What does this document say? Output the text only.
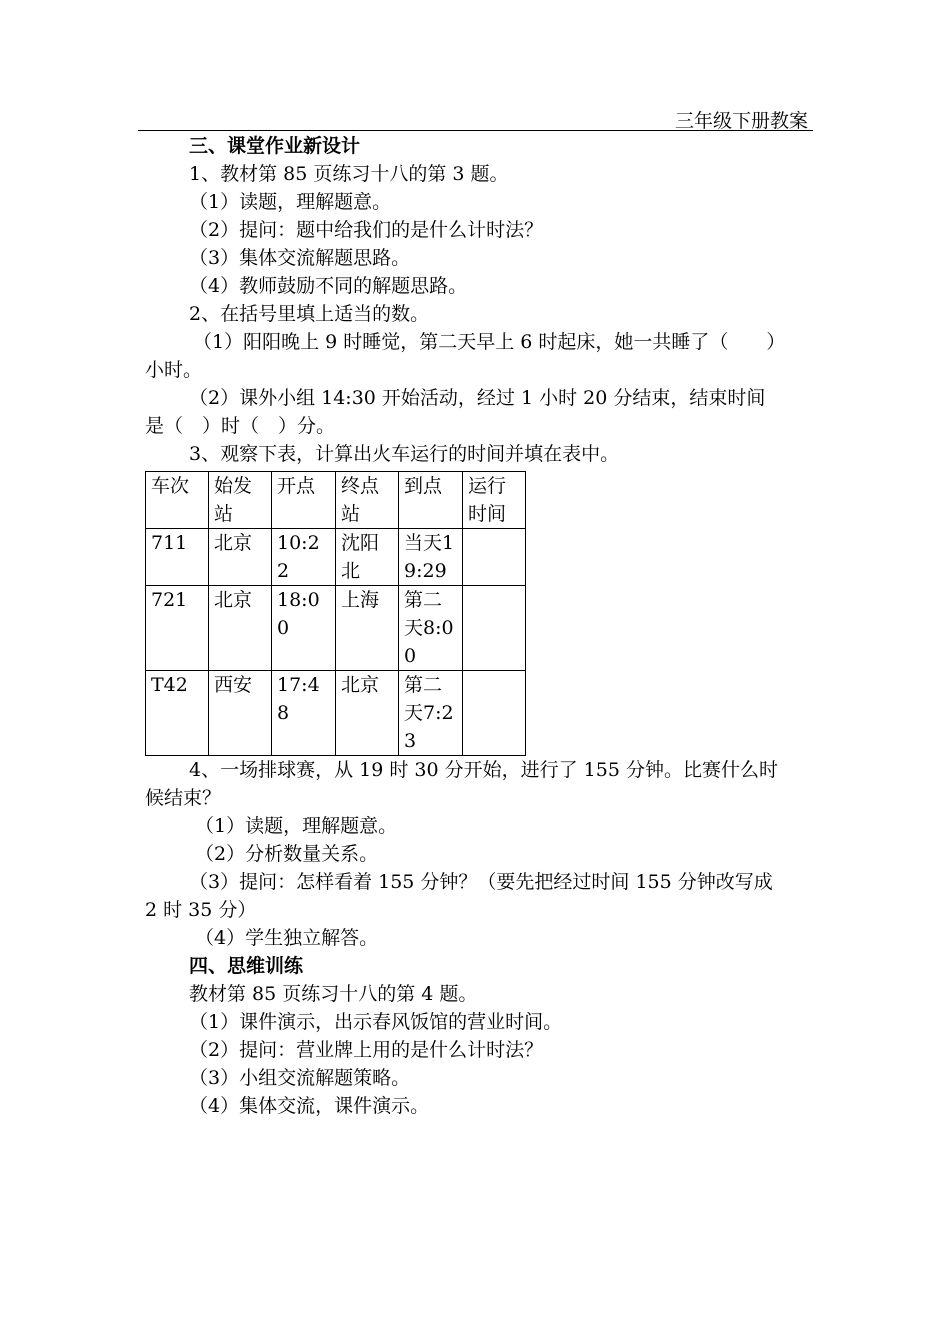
三年级下册教案
三、课堂作业新设计
1、教材第 85 页练习十八的第 3 题。
（1）读题，理解题意。
（2）提问：题中给我们的是什么计时法？
（3）集体交流解题思路。
（4）教师鼓励不同的解题思路。
2、在括号里填上适当的数。
（1）阳阳晚上 9 时睡觉，第二天早上 6 时起床，她一共睡了（　　）
小时。
（2）课外小组 14:30 开始活动，经过 1 小时 20 分结束，结束时间
是（　）时（　）分。
3、观察下表，计算出火车运行的时间并填在表中。
车次	始发站	开点	终点站	到点	运行时间
711	北京	10:22	沈阳北	当天19:29	
721	北京	18:00	上海	第二天8:00	
T42	西安	17:48	北京	第二天7:23	
4、一场排球赛，从 19 时 30 分开始，进行了 155 分钟。比赛什么时
候结束？
（1）读题，理解题意。
（2）分析数量关系。
（3）提问：怎样看着 155 分钟？（要先把经过时间 155 分钟改写成
2 时 35 分）
（4）学生独立解答。
四、思维训练
教材第 85 页练习十八的第 4 题。
（1）课件演示，出示春风饭馆的营业时间。
（2）提问：营业牌上用的是什么计时法？
（3）小组交流解题策略。
（4）集体交流，课件演示。
